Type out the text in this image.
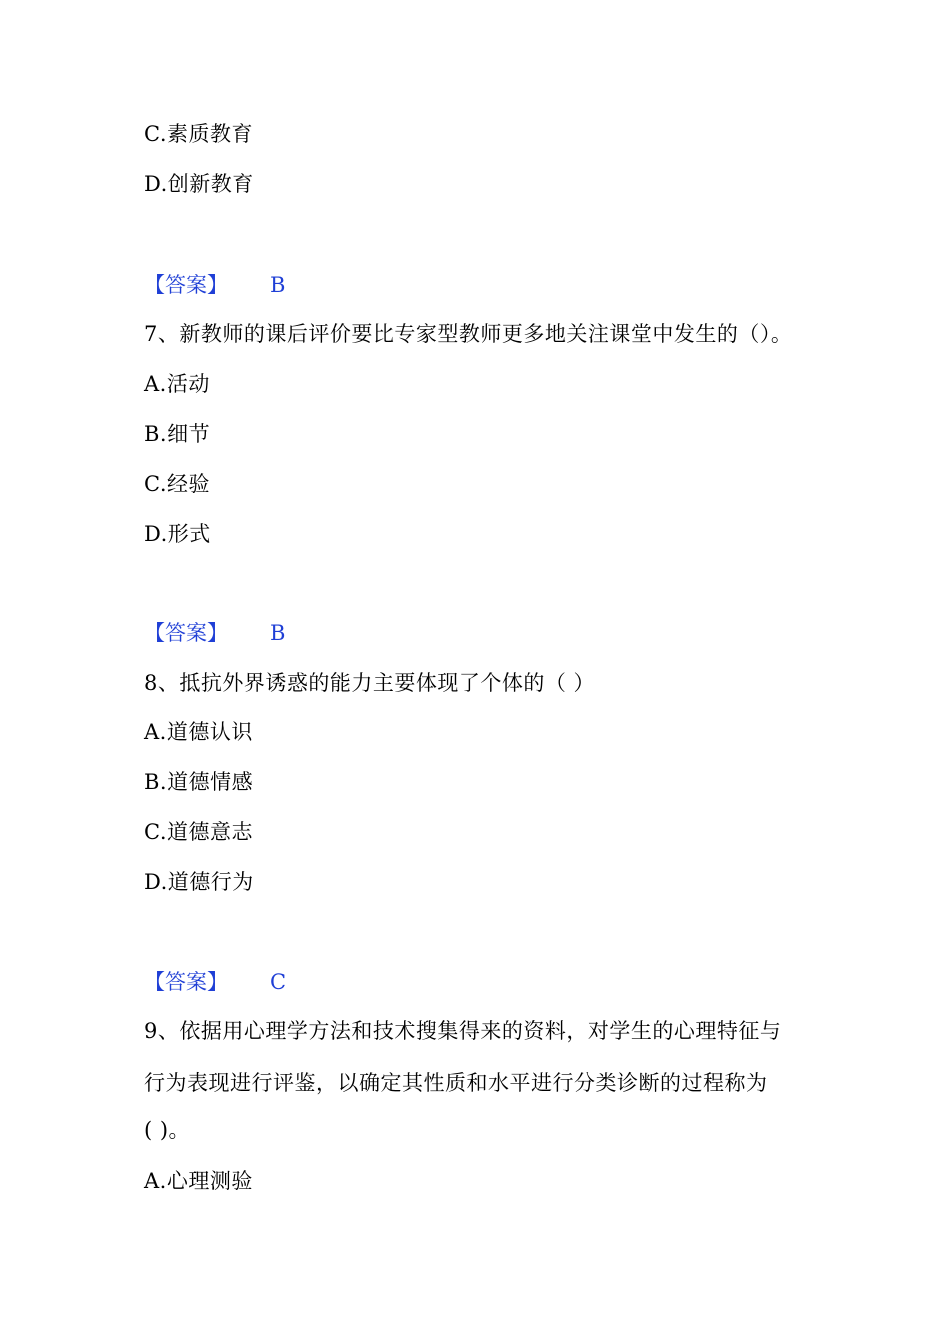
C.素质教育
D.创新教育
【答案】 B
7、新教师的课后评价要比专家型教师更多地关注课堂中发生的（）。
A.活动
B.细节
C.经验
D.形式
【答案】 B
8、抵抗外界诱惑的能力主要体现了个体的（ ）
A.道德认识
B.道德情感
C.道德意志
D.道德行为
【答案】 C
9、依据用心理学方法和技术搜集得来的资料，对学生的心理特征与
行为表现进行评鉴，以确定其性质和水平进行分类诊断的过程称为
( )。
A.心理测验
